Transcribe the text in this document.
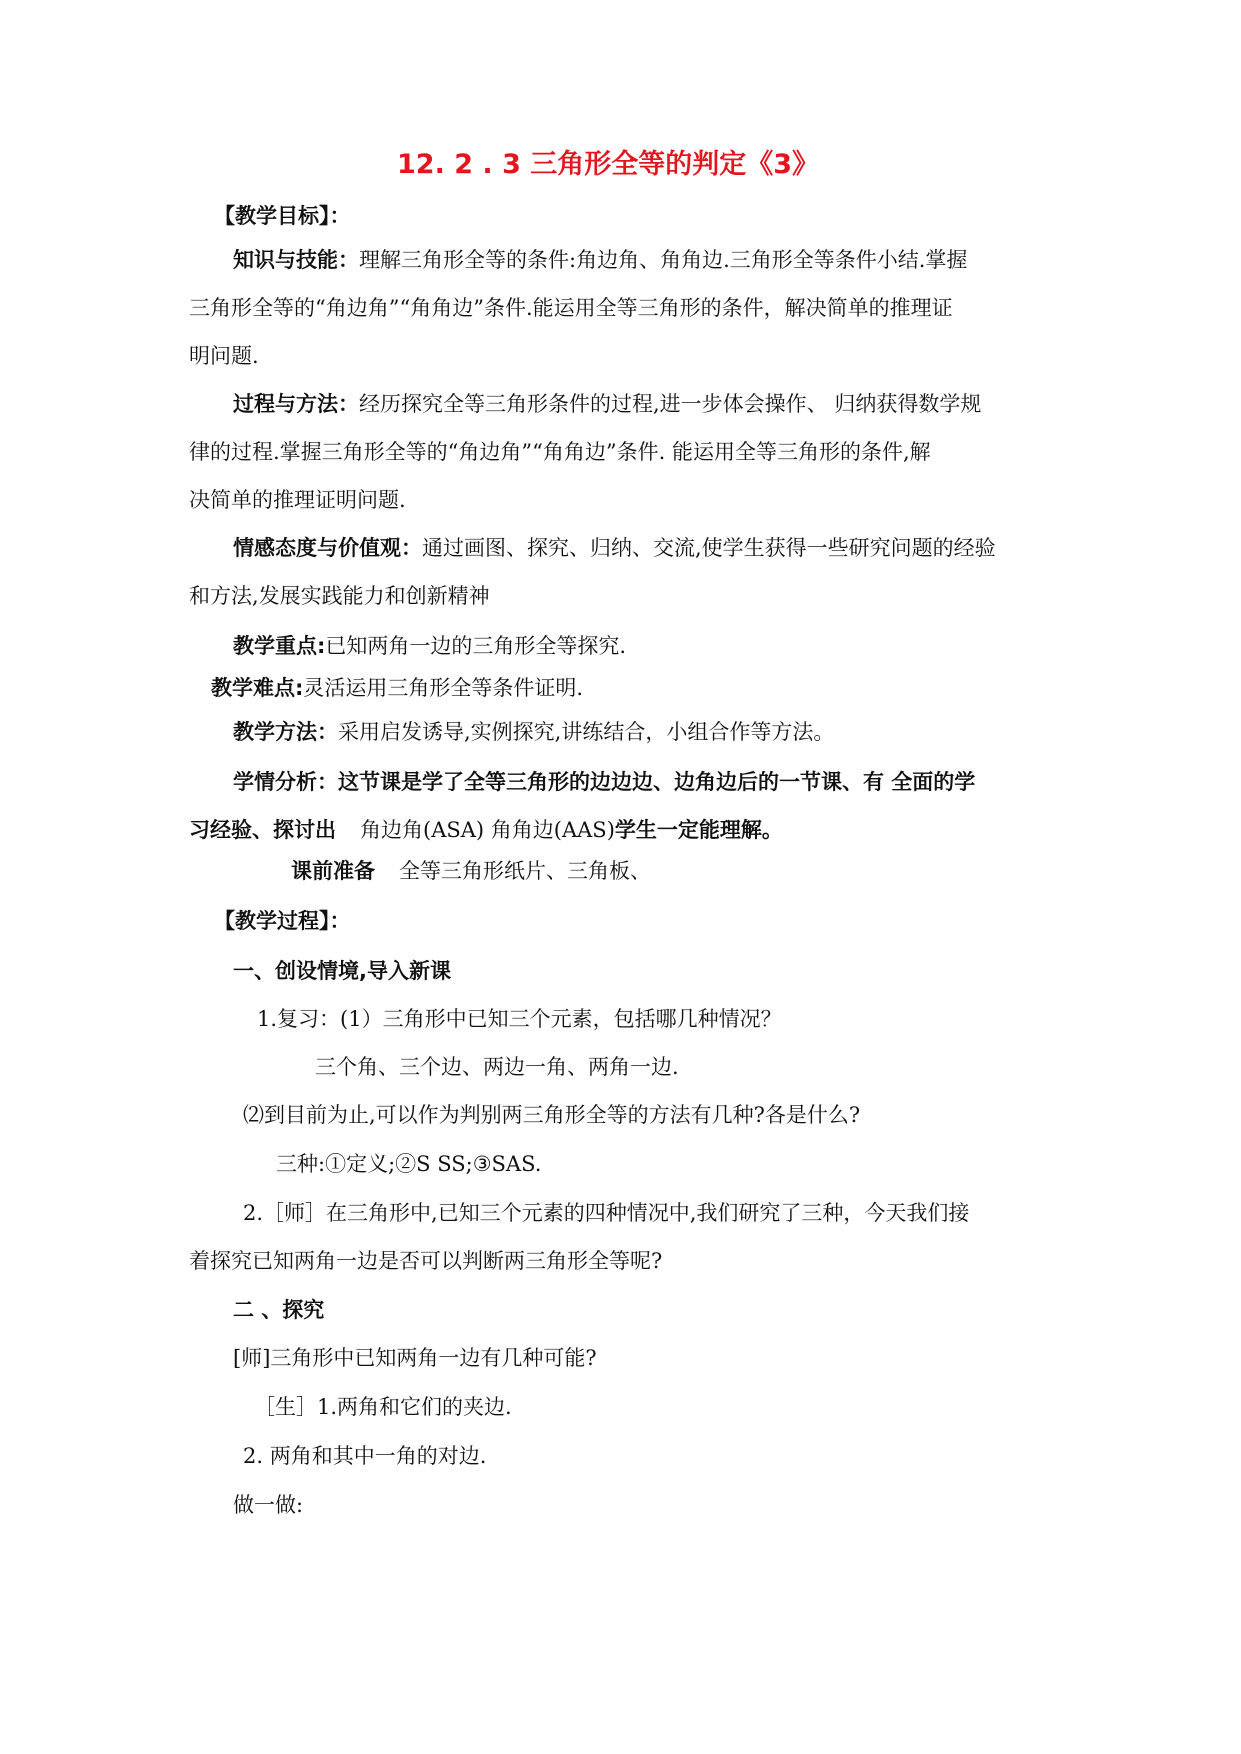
12. 2 . 3 三角形全等的判定《3》
【教学目标】：
知识与技能：理解三角形全等的条件:角边角、角角边.三角形全等条件小结.掌握
三角形全等的“角边角”“角角边”条件.能运用全等三角形的条件，解决简单的推理证
明问题.
过程与方法：经历探究全等三角形条件的过程,进一步体会操作、 归纳获得数学规
律的过程.掌握三角形全等的“角边角”“角角边”条件. 能运用全等三角形的条件,解
决简单的推理证明问题.
情感态度与价值观：通过画图、探究、归纳、交流,使学生获得一些研究问题的经验
和方法,发展实践能力和创新精神
教学重点:已知两角一边的三角形全等探究.
教学难点:灵活运用三角形全等条件证明.
教学方法：采用启发诱导,实例探究,讲练结合，小组合作等方法。
学情分析：这节课是学了全等三角形的边边边、边角边后的一节课、有 全面的学
习经验、探讨出 角边角(ASA) 角角边(AAS)学生一定能理解。
课前准备 全等三角形纸片、三角板、
【教学过程】：
一、创设情境,导入新课
1.复习：(1）三角形中已知三个元素，包括哪几种情况？
三个角、三个边、两边一角、两角一边.
⑵到目前为止,可以作为判别两三角形全等的方法有几种?各是什么?
三种:①定义;②S SS;③SAS.
2.［师］在三角形中,已知三个元素的四种情况中,我们研究了三种，今天我们接
着探究已知两角一边是否可以判断两三角形全等呢?
二 、探究
[师]三角形中已知两角一边有几种可能?
［生］1.两角和它们的夹边.
2. 两角和其中一角的对边.
做一做:
